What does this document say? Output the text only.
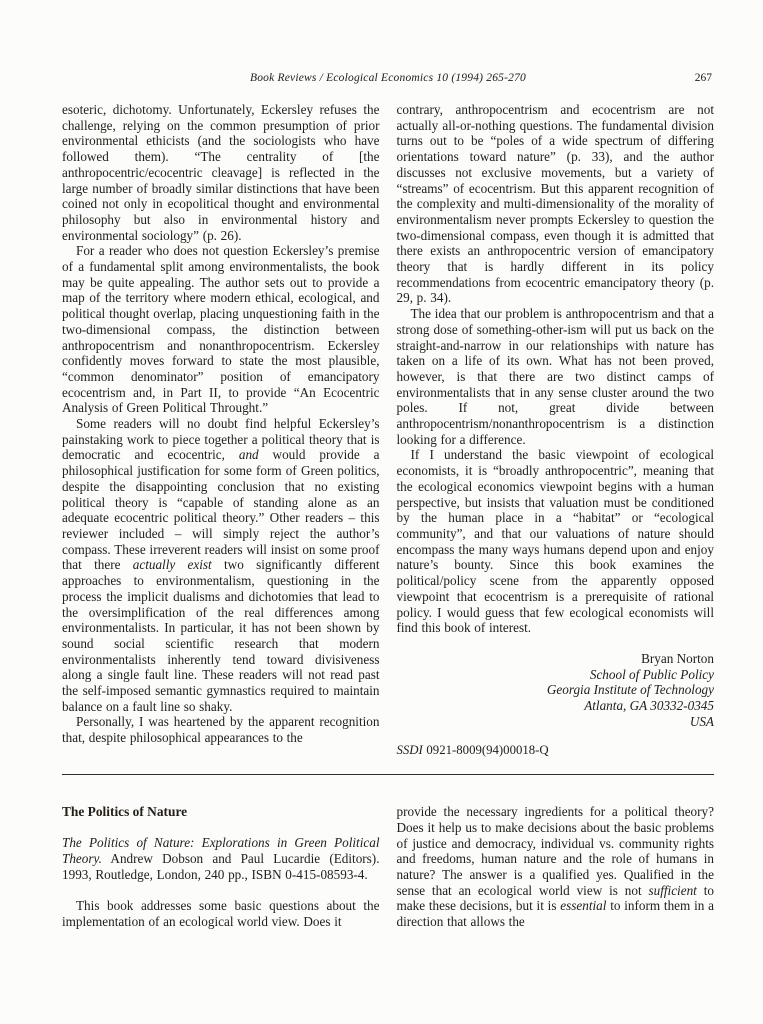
Book Reviews / Ecological Economics 10 (1994) 265-270	267

esoteric, dichotomy. Unfortunately, Eckersley refuses the challenge, relying on the common presumption of prior environmental ethicists (and the sociologists who have followed them). “The centrality of [the anthropocentric/ecocentric cleavage] is reflected in the large number of broadly similar distinctions that have been coined not only in ecopolitical thought and environmental philosophy but also in environmental history and environmental sociology” (p. 26).

For a reader who does not question Eckersley’s premise of a fundamental split among environmentalists, the book may be quite appealing. The author sets out to provide a map of the territory where modern ethical, ecological, and political thought overlap, placing unquestioning faith in the two-dimensional compass, the distinction between anthropocentrism and nonanthropocentrism. Eckersley confidently moves forward to state the most plausible, “common denominator” position of emancipatory ecocentrism and, in Part II, to provide “An Ecocentric Analysis of Green Political Throught.”

Some readers will no doubt find helpful Eckersley’s painstaking work to piece together a political theory that is democratic and ecocentric, and would provide a philosophical justification for some form of Green politics, despite the disappointing conclusion that no existing political theory is “capable of standing alone as an adequate ecocentric political theory.” Other readers – this reviewer included – will simply reject the author’s compass. These irreverent readers will insist on some proof that there actually exist two significantly different approaches to environmentalism, questioning in the process the implicit dualisms and dichotomies that lead to the oversimplification of the real differences among environmentalists. In particular, it has not been shown by sound social scientific research that modern environmentalists inherently tend toward divisiveness along a single fault line. These readers will not read past the self-imposed semantic gymnastics required to maintain balance on a fault line so shaky.

Personally, I was heartened by the apparent recognition that, despite philosophical appearances to the

contrary, anthropocentrism and ecocentrism are not actually all-or-nothing questions. The fundamental division turns out to be “poles of a wide spectrum of differing orientations toward nature” (p. 33), and the author discusses not exclusive movements, but a variety of “streams” of ecocentrism. But this apparent recognition of the complexity and multi-dimensionality of the morality of environmentalism never prompts Eckersley to question the two-dimensional compass, even though it is admitted that there exists an anthropocentric version of emancipatory theory that is hardly different in its policy recommendations from ecocentric emancipatory theory (p. 29, p. 34).

The idea that our problem is anthropocentrism and that a strong dose of something-other-ism will put us back on the straight-and-narrow in our relationships with nature has taken on a life of its own. What has not been proved, however, is that there are two distinct camps of environmentalists that in any sense cluster around the two poles. If not, great divide between anthropocentrism/nonanthropocentrism is a distinction looking for a difference.

If I understand the basic viewpoint of ecological economists, it is “broadly anthropocentric”, meaning that the ecological economics viewpoint begins with a human perspective, but insists that valuation must be conditioned by the human place in a “habitat” or “ecological community”, and that our valuations of nature should encompass the many ways humans depend upon and enjoy nature’s bounty. Since this book examines the political/policy scene from the apparently opposed viewpoint that ecocentrism is a prerequisite of rational policy. I would guess that few ecological economists will find this book of interest.

Bryan Norton
School of Public Policy
Georgia Institute of Technology
Atlanta, GA 30332-0345
USA

SSDI 0921-8009(94)00018-Q

The Politics of Nature

The Politics of Nature: Explorations in Green Political Theory. Andrew Dobson and Paul Lucardie (Editors). 1993, Routledge, London, 240 pp., ISBN 0-415-08593-4.

This book addresses some basic questions about the implementation of an ecological world view. Does it

provide the necessary ingredients for a political theory? Does it help us to make decisions about the basic problems of justice and democracy, individual vs. community rights and freedoms, human nature and the role of humans in nature? The answer is a qualified yes. Qualified in the sense that an ecological world view is not sufficient to make these decisions, but it is essential to inform them in a direction that allows the
